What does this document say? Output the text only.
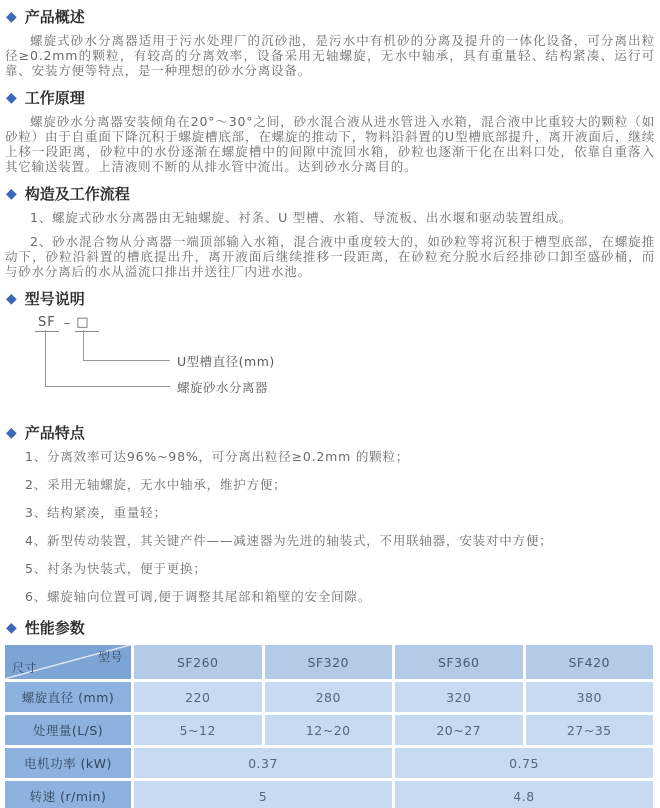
◆ 产品概述

螺旋式砂水分离器适用于污水处理厂的沉砂池，是污水中有机砂的分离及提升的一体化设备，可分离出粒径≥0.2mm的颗粒，有较高的分离效率，设备采用无轴螺旋，无水中轴承，具有重量轻、结构紧凑、运行可靠、安装方便等特点，是一种理想的砂水分离设备。

◆ 工作原理

螺旋砂水分离器安装倾角在20°～30°之间，砂水混合液从进水管进入水箱，混合液中比重较大的颗粒（如砂粒）由于自重面下降沉积于螺旋槽底部，在螺旋的推动下，物料沿斜置的U型槽底部提升，离开液面后，继续上移一段距离，砂粒中的水份逐渐在螺旋槽中的间隙中流回水箱，砂粒也逐渐干化在出料口处，依靠自重落入其它输送装置。上清液则不断的从排水管中流出。达到砂水分离目的。

◆ 构造及工作流程

1、螺旋式砂水分离器由无轴螺旋、衬条、U 型槽、水箱、导流板、出水堰和驱动装置组成。

2、砂水混合物从分离器一端顶部输入水箱，混合液中重度较大的，如砂粒等将沉积于槽型底部，在螺旋推动下，砂粒沿斜置的槽底提出升，离开液面后继续推移一段距离，在砂粒充分脱水后经排砂口卸至盛砂桶，而与砂水分离后的水从溢流口排出并送往厂内进水池。

◆ 型号说明
SF – □
U型槽直径(mm)
螺旋砂水分离器
◆ 产品特点

1、分离效率可达96%~98%，可分离出粒径≥0.2mm 的颗粒；

2、采用无轴螺旋，无水中轴承，维护方便；

3、结构紧凑，重量轻；

4、新型传动装置，其关键产件——减速器为先进的轴装式，不用联轴器，安装对中方便；

5、衬条为快装式，便于更换；

6、螺旋轴向位置可调,便于调整其尾部和箱壁的安全间隙。

◆ 性能参数
型号
尺寸	SF260	SF320	SF360	SF420
螺旋直径 (mm)	220	280	320	380
处理量(L/S)	5~12	12~20	20~27	27~35
电机功率 (kW)	0.37	0.75
转速 (r/min)	5	4.8
